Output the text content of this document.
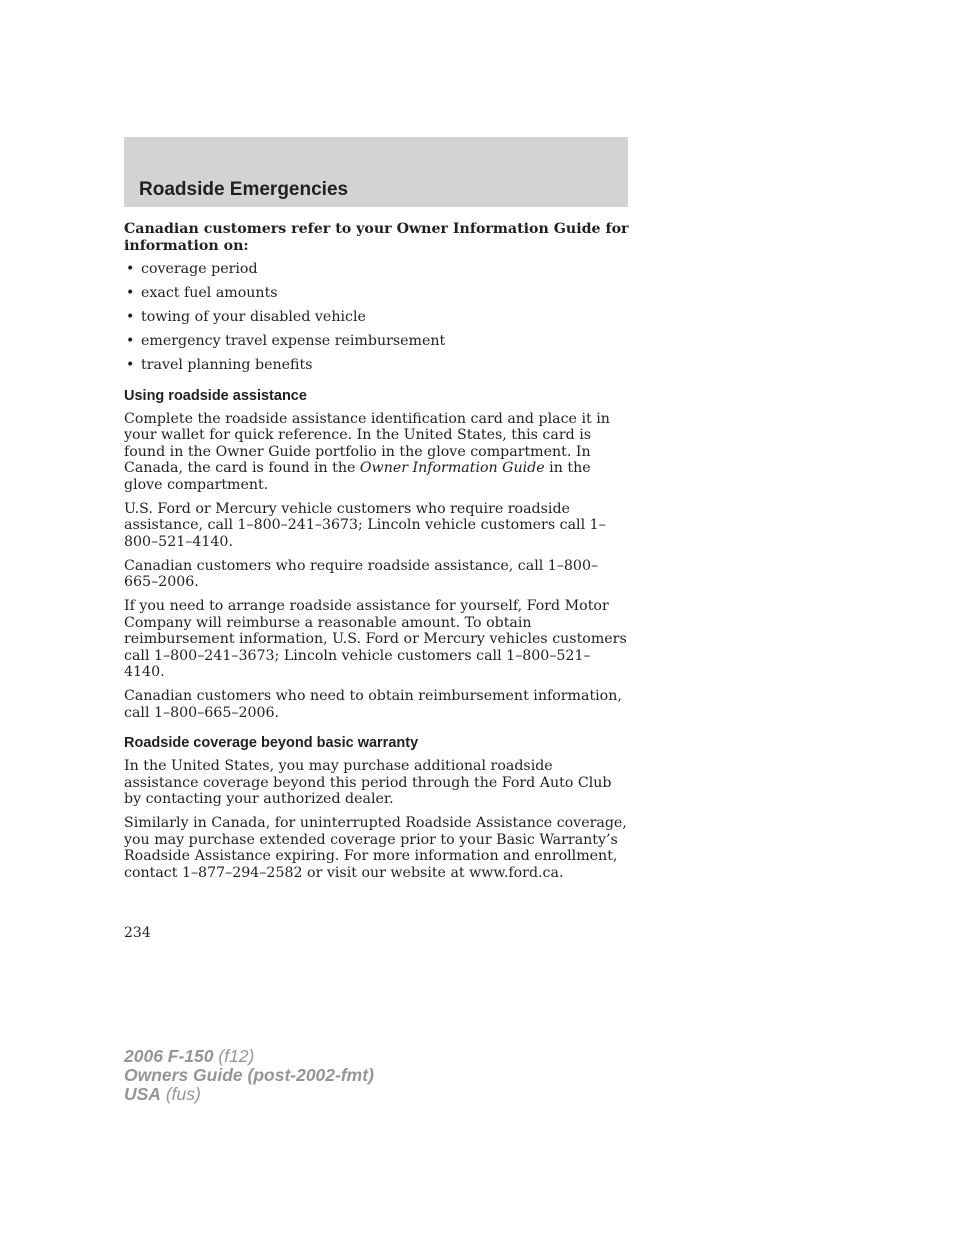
Roadside Emergencies

Canadian customers refer to your Owner Information Guide for information on:

• coverage period
• exact fuel amounts
• towing of your disabled vehicle
• emergency travel expense reimbursement
• travel planning benefits
Using roadside assistance

Complete the roadside assistance identification card and place it in your wallet for quick reference. In the United States, this card is found in the Owner Guide portfolio in the glove compartment. In Canada, the card is found in the Owner Information Guide in the glove compartment.

U.S. Ford or Mercury vehicle customers who require roadside assistance, call 1–800–241–3673; Lincoln vehicle customers call 1–800–521–4140.

Canadian customers who require roadside assistance, call 1–800–665–2006.

If you need to arrange roadside assistance for yourself, Ford Motor Company will reimburse a reasonable amount. To obtain reimbursement information, U.S. Ford or Mercury vehicles customers call 1–800–241–3673; Lincoln vehicle customers call 1–800–521–4140.

Canadian customers who need to obtain reimbursement information, call 1–800–665–2006.

Roadside coverage beyond basic warranty

In the United States, you may purchase additional roadside assistance coverage beyond this period through the Ford Auto Club by contacting your authorized dealer.

Similarly in Canada, for uninterrupted Roadside Assistance coverage, you may purchase extended coverage prior to your Basic Warranty’s Roadside Assistance expiring. For more information and enrollment, contact 1–877–294–2582 or visit our website at www.ford.ca.

234
2006 F-150 (f12)
Owners Guide (post-2002-fmt)
USA (fus)
